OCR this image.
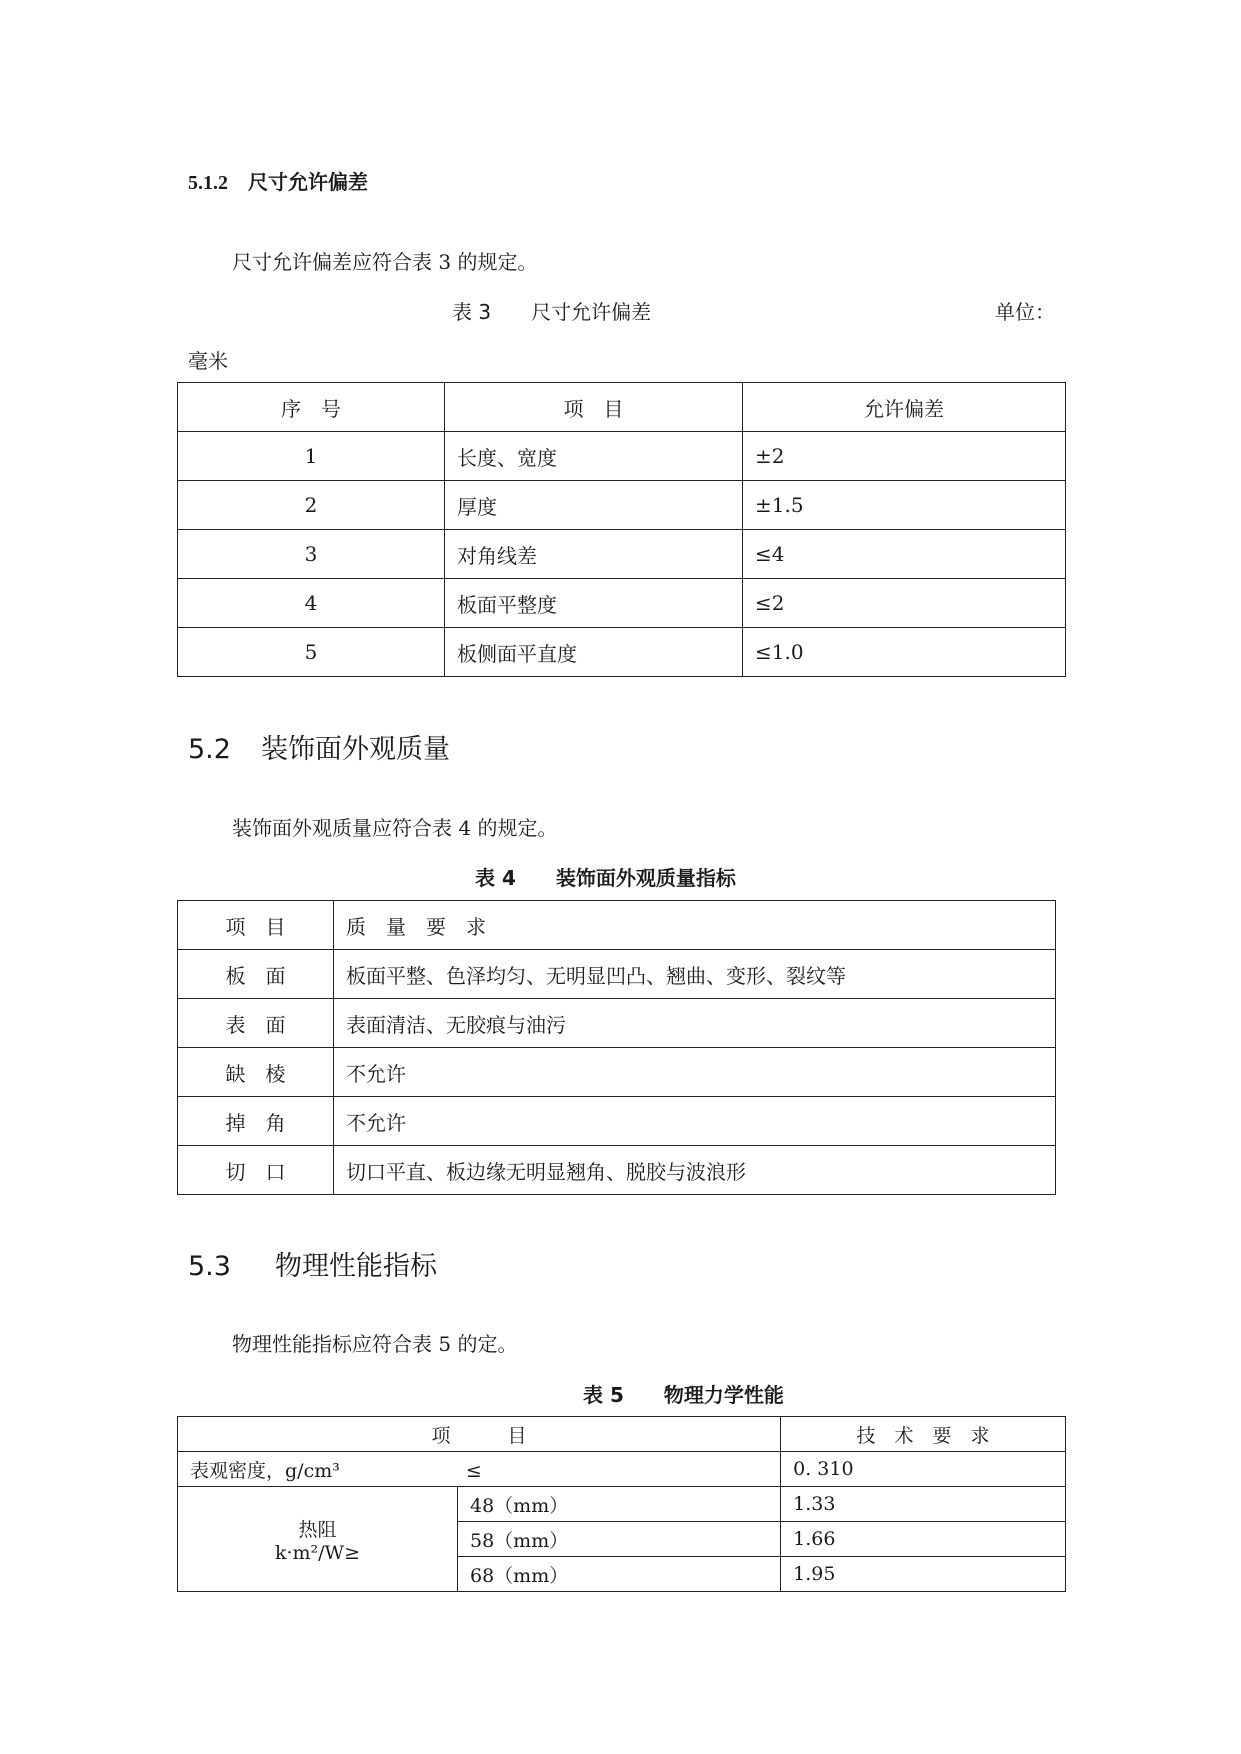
5.1.2 尺寸允许偏差
尺寸允许偏差应符合表 3 的规定。
表 3　　尺寸允许偏差	单位：
毫米
序　号	项　目	允许偏差
1	长度、宽度	±2
2	厚度	±1.5
3	对角线差	≤4
4	板面平整度	≤2
5	板侧面平直度	≤1.0
5.2 装饰面外观质量
装饰面外观质量应符合表 4 的规定。
表 4　　装饰面外观质量指标
项　目	质　量　要　求
板　面	板面平整、色泽均匀、无明显凹凸、翘曲、变形、裂纹等
表　面	表面清洁、无胶痕与油污
缺　棱	不允许
掉　角	不允许
切　口	切口平直、板边缘无明显翘角、脱胶与波浪形
5.3 物理性能指标
物理性能指标应符合表 5 的定。
表 5　　物理力学性能
项　　　目		技　术　要　求
表观密度，g/cm³ ≤		0. 310

热阻
k·m²/W≥	48（mm）	1.33
	58（mm）	1.66
	68（mm）	1.95
